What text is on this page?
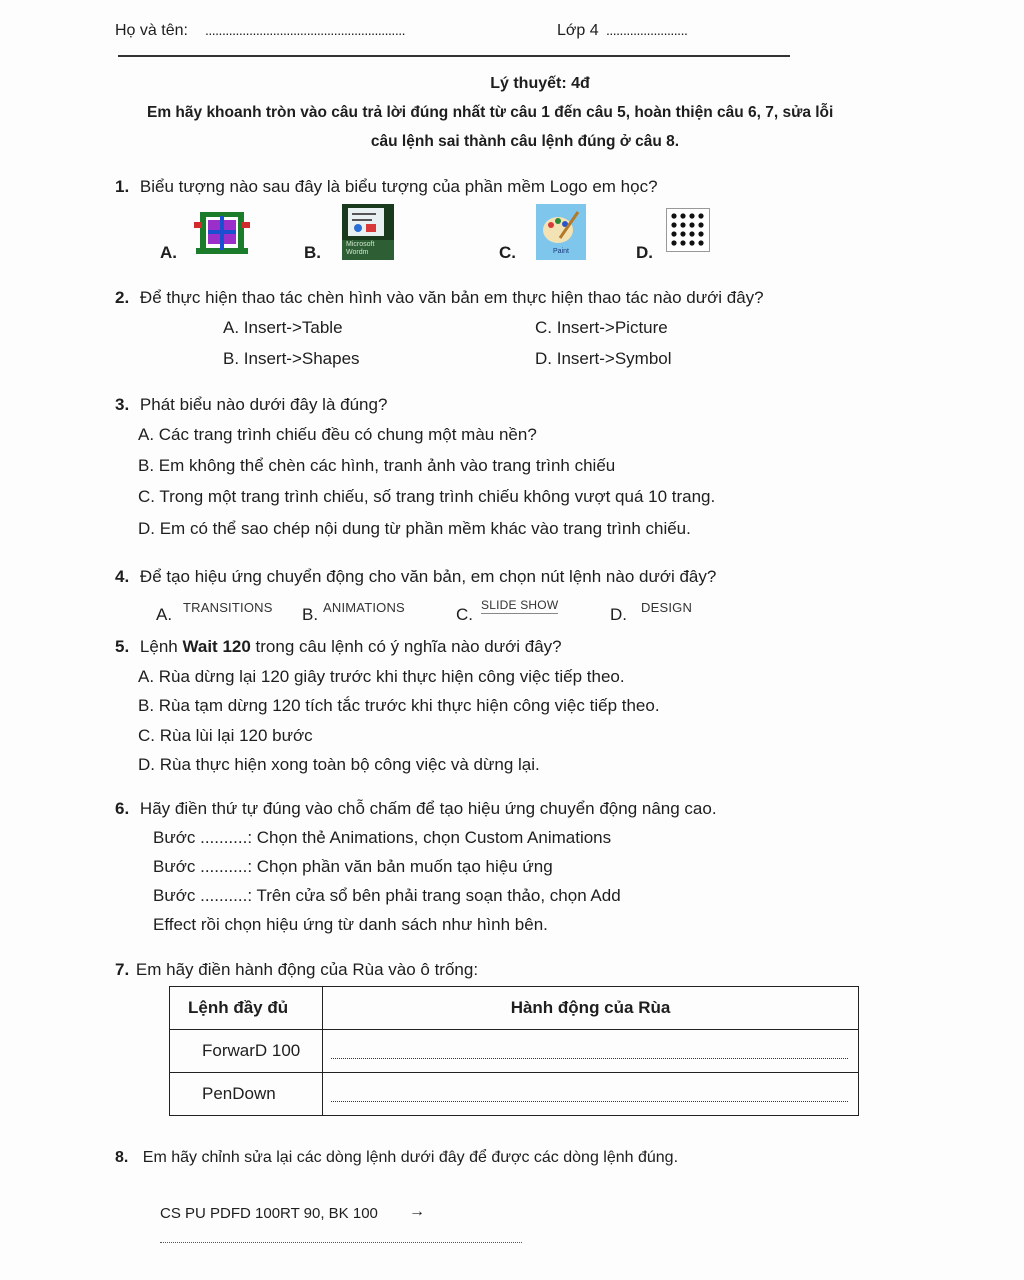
Họ và tên: ...........................................................	Lớp 4 ........................
Lý thuyết: 4đ
Em hãy khoanh tròn vào câu trả lời đúng nhất từ câu 1 đến câu 5, hoàn thiện câu 6, 7, sửa lỗi
câu lệnh sai thành câu lệnh đúng ở câu 8.
1. Biểu tượng nào sau đây là biểu tượng của phần mềm Logo em học?
A.	B.	Microsoft Wordm	C.	Paint	D.
2. Để thực hiện thao tác chèn hình vào văn bản em thực hiện thao tác nào dưới đây?
A. Insert->Table	C. Insert->Picture
B. Insert->Shapes	D. Insert->Symbol
3. Phát biểu nào dưới đây là đúng?
A. Các trang trình chiếu đều có chung một màu nền?
B. Em không thể chèn các hình, tranh ảnh vào trang trình chiếu
C. Trong một trang trình chiếu, số trang trình chiếu không vượt quá 10 trang.
D. Em có thể sao chép nội dung từ phần mềm khác vào trang trình chiếu.
4. Để tạo hiệu ứng chuyển động cho văn bản, em chọn nút lệnh nào dưới đây?
A. TRANSITIONS B. ANIMATIONS	C. SLIDE SHOW	D. DESIGN
5. Lệnh Wait 120 trong câu lệnh có ý nghĩa nào dưới đây?
A. Rùa dừng lại 120 giây trước khi thực hiện công việc tiếp theo.
B. Rùa tạm dừng 120 tích tắc trước khi thực hiện công việc tiếp theo.
C. Rùa lùi lại 120 bước
D. Rùa thực hiện xong toàn bộ công việc và dừng lại.
6. Hãy điền thứ tự đúng vào chỗ chấm để tạo hiệu ứng chuyển động nâng cao.
Bước ..........: Chọn thẻ Animations, chọn Custom Animations
Bước ..........: Chọn phần văn bản muốn tạo hiệu ứng
Bước ..........: Trên cửa sổ bên phải trang soạn thảo, chọn Add
Effect rồi chọn hiệu ứng từ danh sách như hình bên.
7. Em hãy điền hành động của Rùa vào ô trống:
Lệnh đầy đủ	Hành động của Rùa
ForwarD 100	

PenDown	
8. Em hãy chỉnh sửa lại các dòng lệnh dưới đây để được các dòng lệnh đúng.
CS PU PDFD 100RT 90, BK 100 →
